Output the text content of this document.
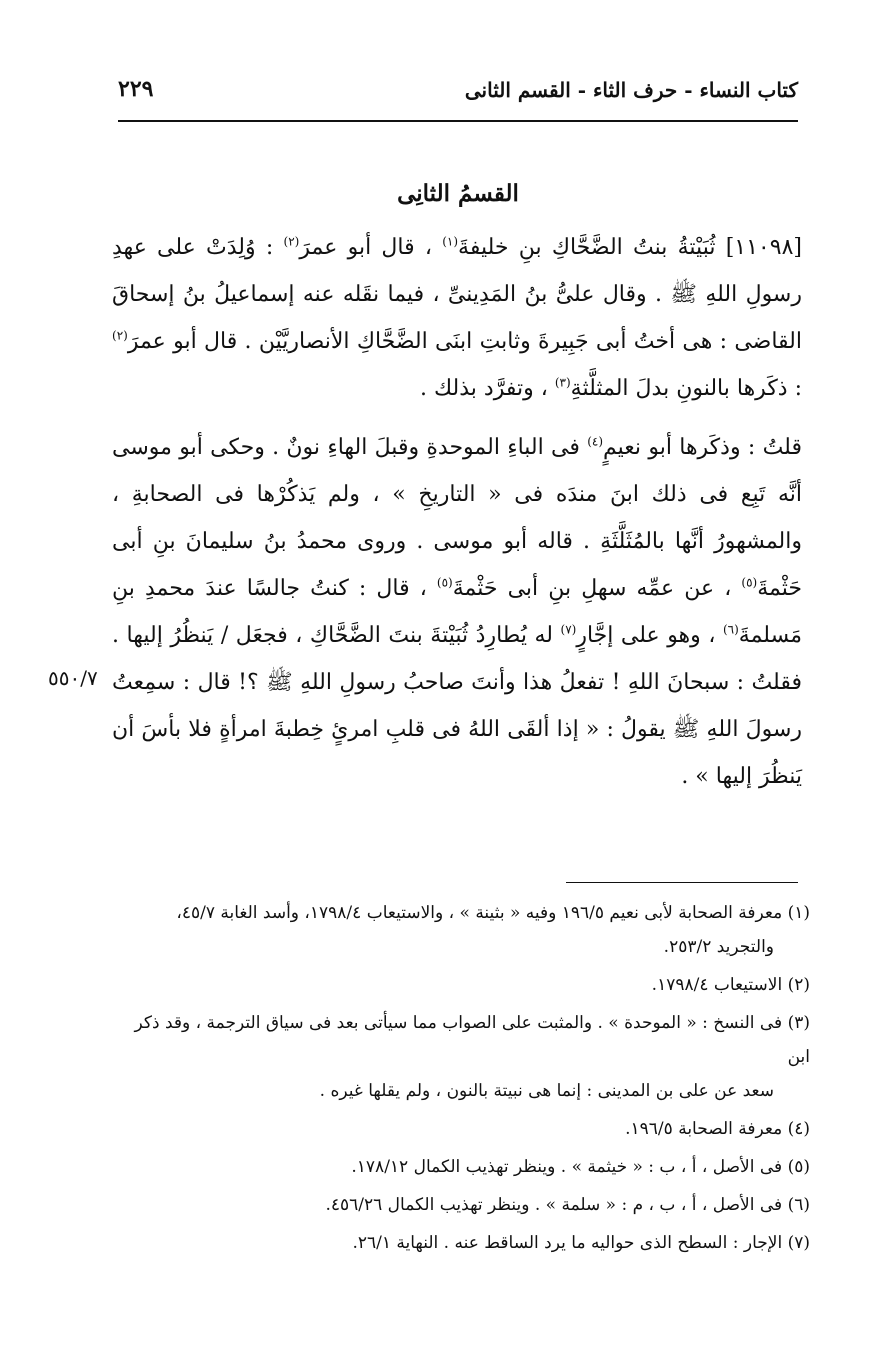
كتاب النساء - حرف الثاء - القسم الثانى
٢٢٩
القسمُ الثانِى

[١١٠٩٨] ثُبَيْتةُ بنتُ الضَّحَّاكِ بنِ خليفةَ$^{(١)}$ ، قال أبو عمرَ$^{(٢)}$ : وُلِدَتْ على عهدِ رسولِ اللهِ ﷺ . وقال علىُّ بنُ المَدِينىِّ ، فيما نقَله عنه إسماعيلُ بنُ إسحاقَ القاضى : هى أختُ أبى جَبِيرةَ وثابتِ ابنَى الضَّحَّاكِ الأنصاريَّيْن . قال أبو عمرَ$^{(٢)}$ : ذكَرها بالنونِ بدلَ المثلَّثةِ$^{(٣)}$ ، وتفرَّد بذلك .

قلتُ : وذكَرها أبو نعيمٍ$^{(٤)}$ فى الباءِ الموحدةِ وقبلَ الهاءِ نونٌ . وحكى أبو موسى أنَّه تَبِع فى ذلك ابنَ مندَه فى « التاريخِ » ، ولم يَذكُرْها فى الصحابةِ ، والمشهورُ أنَّها بالمُثَلَّثَةِ . قاله أبو موسى . وروى محمدُ بنُ سليمانَ بنِ أبى حَثْمةَ$^{(٥)}$ ، عن عمِّه سهلِ بنِ أبى حَثْمةَ$^{(٥)}$ ، قال : كنتُ جالسًا عندَ محمدِ بنِ مَسلمةَ$^{(٦)}$ ، وهو على إجَّارٍ$^{(٧)}$ له يُطارِدُ ثُبَيْتةَ بنتَ الضَّحَّاكِ ، فجعَل / يَنظُرُ إليها . فقلتُ : سبحانَ اللهِ ! تفعلُ هذا وأنتَ صاحبُ رسولِ اللهِ ﷺ ؟! قال : سمِعتُ رسولَ اللهِ ﷺ يقولُ : « إذا ألقَى اللهُ فى قلبِ امرئٍ خِطبةَ امرأةٍ فلا بأسَ أن يَنظُرَ إليها » .

٥٥٠/٧

(١) معرفة الصحابة لأبى نعيم ١٩٦/٥ وفيه « بثينة » ، والاستيعاب ١٧٩٨/٤، وأسد الغابة ٤٥/٧،
والتجريد ٢٥٣/٢.

(٢) الاستيعاب ١٧٩٨/٤.

(٣) فى النسخ : « الموحدة » . والمثبت على الصواب مما سيأتى بعد فى سياق الترجمة ، وقد ذكر ابن
سعد عن على بن المدينى : إنما هى نبيتة بالنون ، ولم يقلها غيره .

(٤) معرفة الصحابة ١٩٦/٥.

(٥) فى الأصل ، أ ، ب : « خيثمة » . وينظر تهذيب الكمال ١٧٨/١٢.

(٦) فى الأصل ، أ ، ب ، م : « سلمة » . وينظر تهذيب الكمال ٤٥٦/٢٦.

(٧) الإجار : السطح الذى حواليه ما يرد الساقط عنه . النهاية ٢٦/١.
